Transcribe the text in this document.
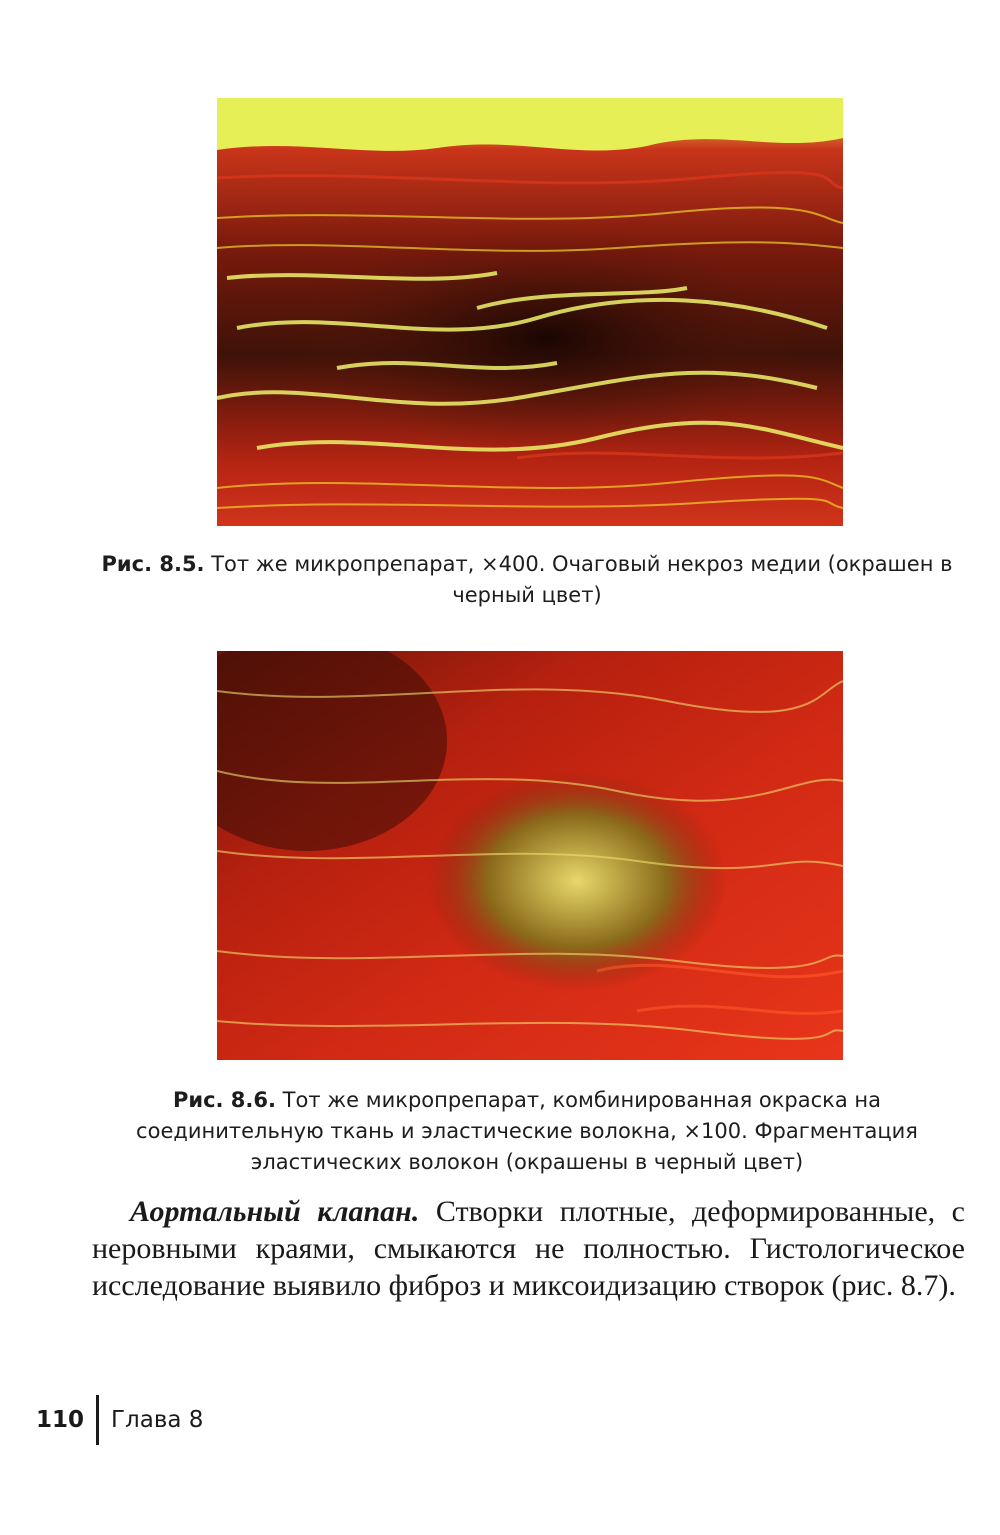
Рис. 8.5. Тот же микропрепарат, ×400. Очаговый некроз медии (окрашен в черный цвет)
Рис. 8.6. Тот же микропрепарат, комбинированная окраска на соединительную ткань и эластические волокна, ×100. Фрагментация эластических волокон (окрашены в черный цвет)
Аортальный клапан. Створки плотные, деформированные, с неровными краями, смыкаются не полностью. Гистологическое исследование выявило фиброз и миксоидизацию створок (рис. 8.7).
110	Глава 8
